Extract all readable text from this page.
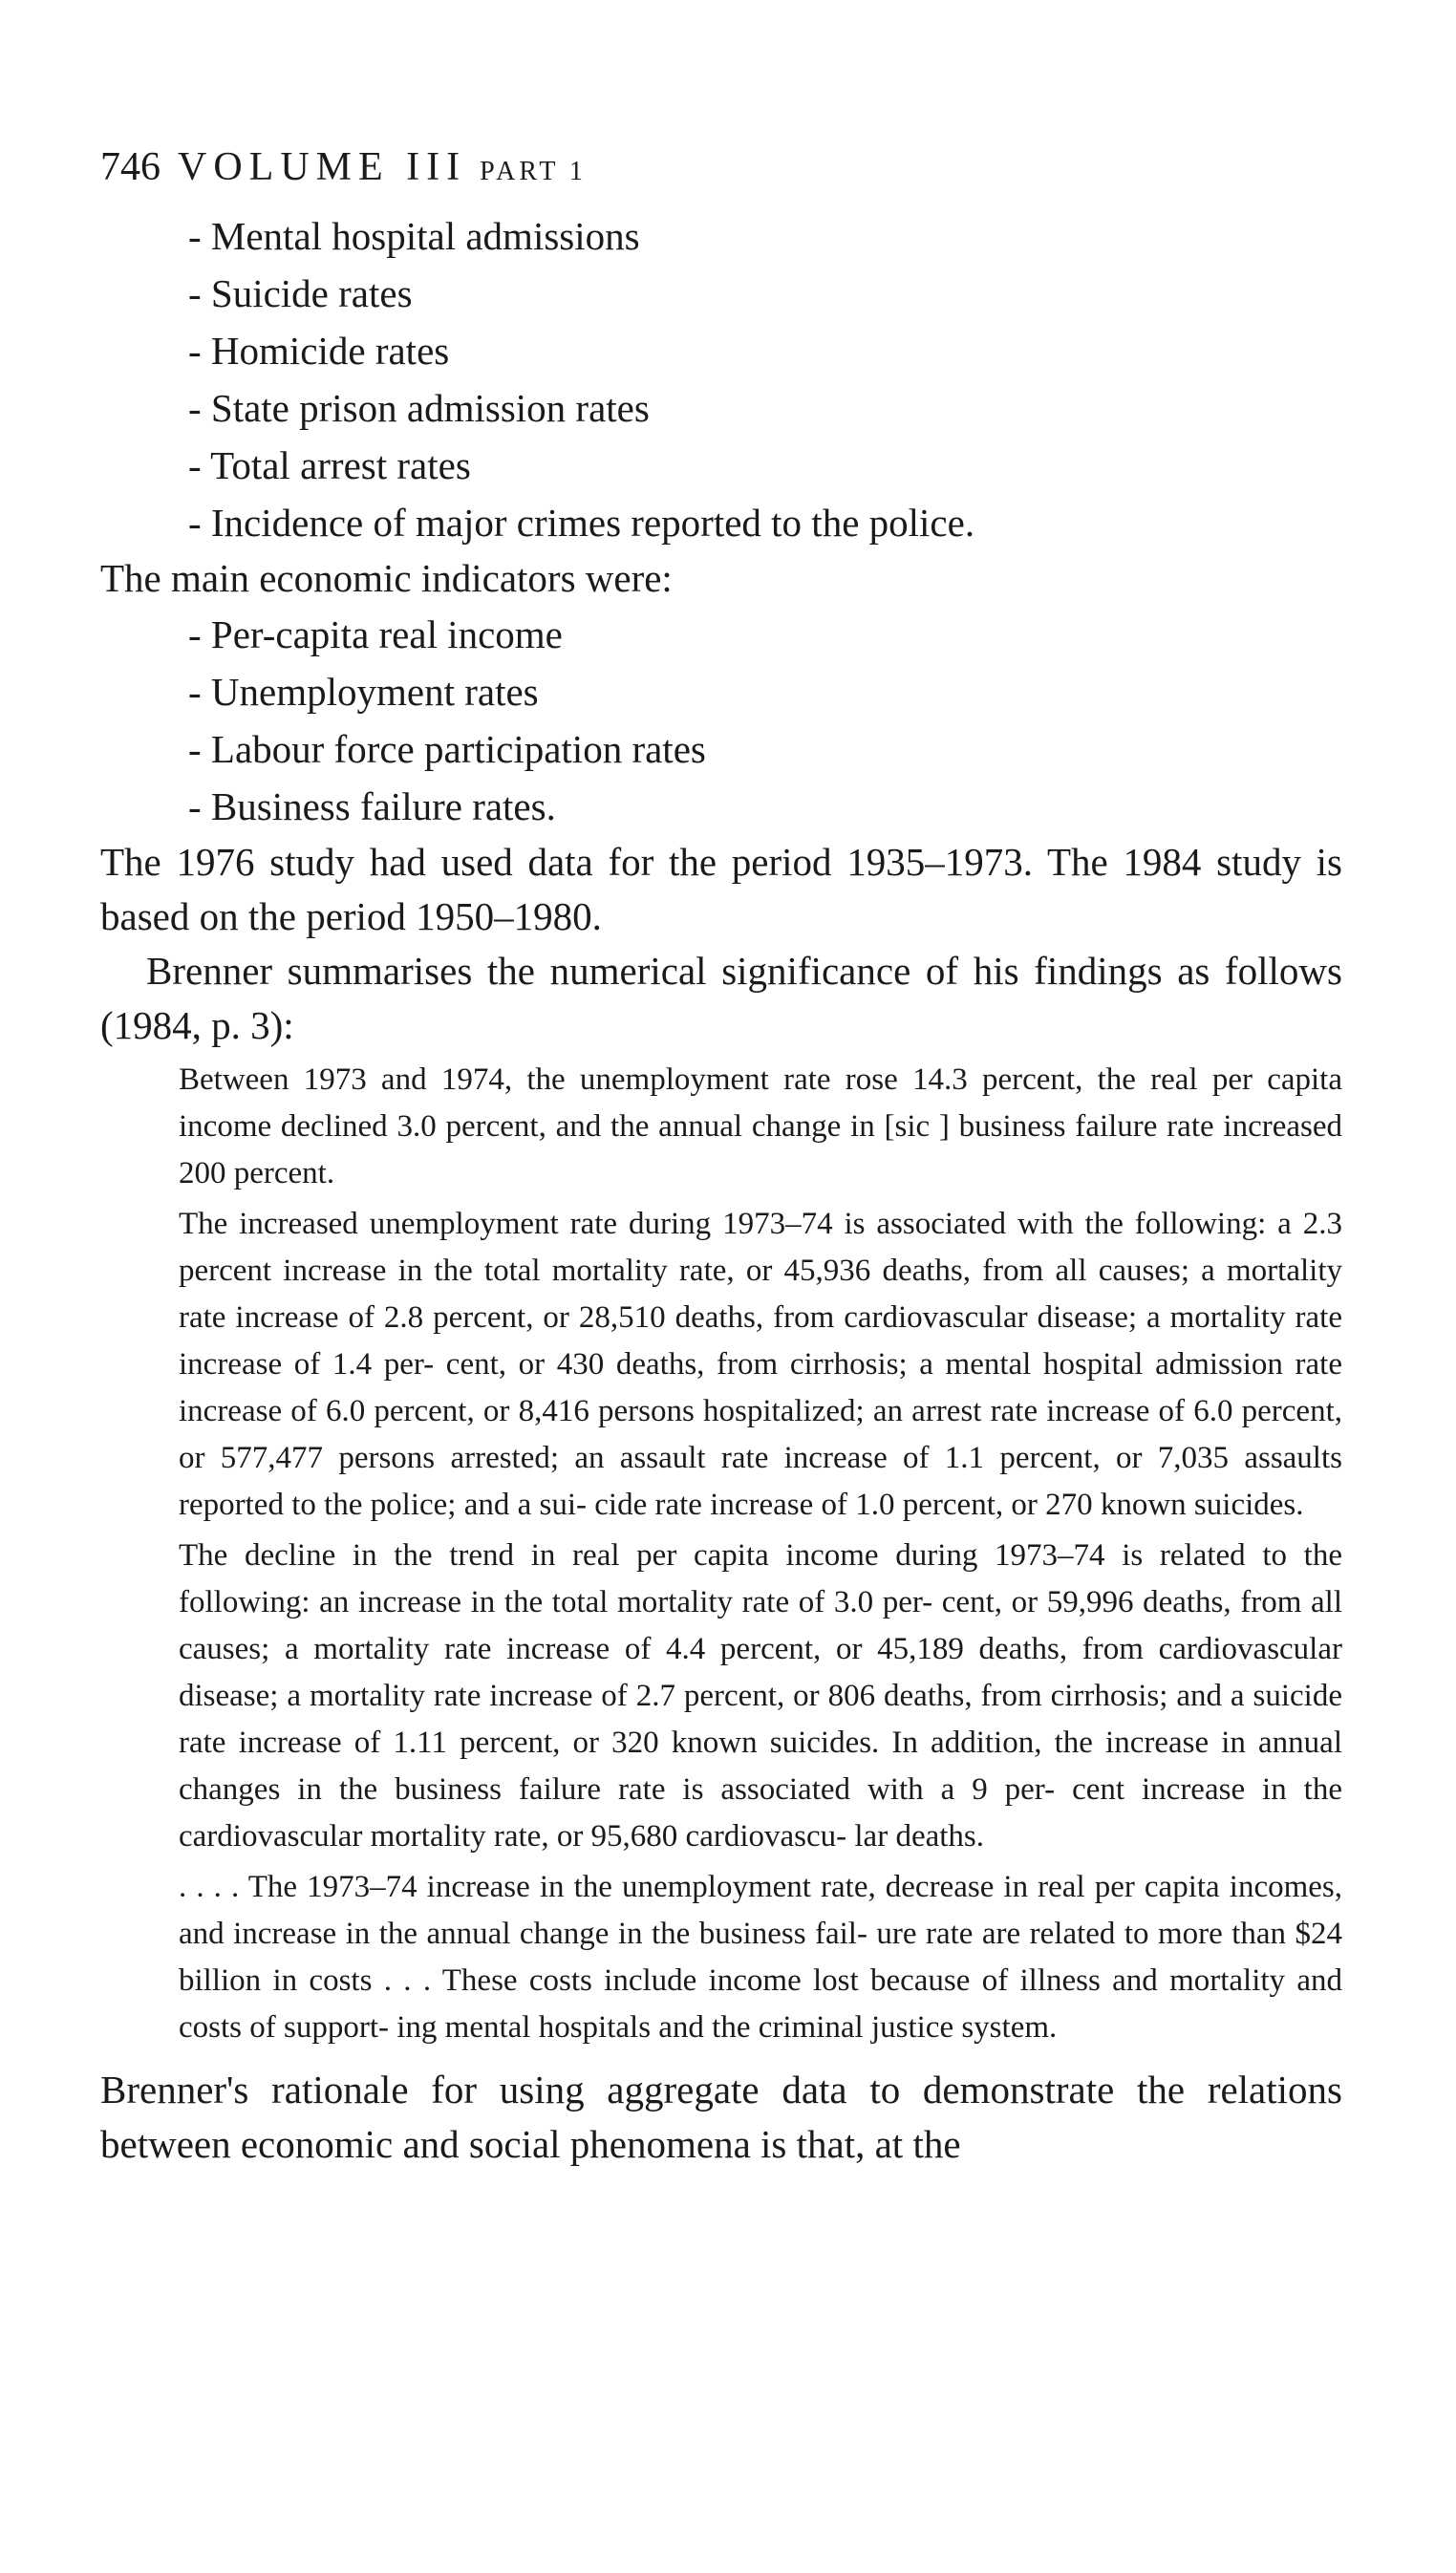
746 VOLUME III PART 1
- Mental hospital admissions
- Suicide rates
- Homicide rates
- State prison admission rates
- Total arrest rates
- Incidence of major crimes reported to the police.

The main economic indicators were:

- Per-capita real income
- Unemployment rates
- Labour force participation rates
- Business failure rates.

The 1976 study had used data for the period 1935–1973. The 1984 study is based on the period 1950–1980.

Brenner summarises the numerical significance of his findings as follows (1984, p. 3):

Between 1973 and 1974, the unemployment rate rose 14.3 percent, the real per capita income declined 3.0 percent, and the annual change in [sic ] business failure rate increased 200 percent.

The increased unemployment rate during 1973–74 is associated with the following: a 2.3 percent increase in the total mortality rate, or 45,936 deaths, from all causes; a mortality rate increase of 2.8 percent, or 28,510 deaths, from cardiovascular disease; a mortality rate increase of 1.4 per- cent, or 430 deaths, from cirrhosis; a mental hospital admission rate increase of 6.0 percent, or 8,416 persons hospitalized; an arrest rate increase of 6.0 percent, or 577,477 persons arrested; an assault rate increase of 1.1 percent, or 7,035 assaults reported to the police; and a sui- cide rate increase of 1.0 percent, or 270 known suicides.

The decline in the trend in real per capita income during 1973–74 is related to the following: an increase in the total mortality rate of 3.0 per- cent, or 59,996 deaths, from all causes; a mortality rate increase of 4.4 percent, or 45,189 deaths, from cardiovascular disease; a mortality rate increase of 2.7 percent, or 806 deaths, from cirrhosis; and a suicide rate increase of 1.11 percent, or 320 known suicides. In addition, the increase in annual changes in the business failure rate is associated with a 9 per- cent increase in the cardiovascular mortality rate, or 95,680 cardiovascu- lar deaths.

. . . . The 1973–74 increase in the unemployment rate, decrease in real per capita incomes, and increase in the annual change in the business fail- ure rate are related to more than $24 billion in costs . . . These costs include income lost because of illness and mortality and costs of support- ing mental hospitals and the criminal justice system.

Brenner's rationale for using aggregate data to demonstrate the relations between economic and social phenomena is that, at the
